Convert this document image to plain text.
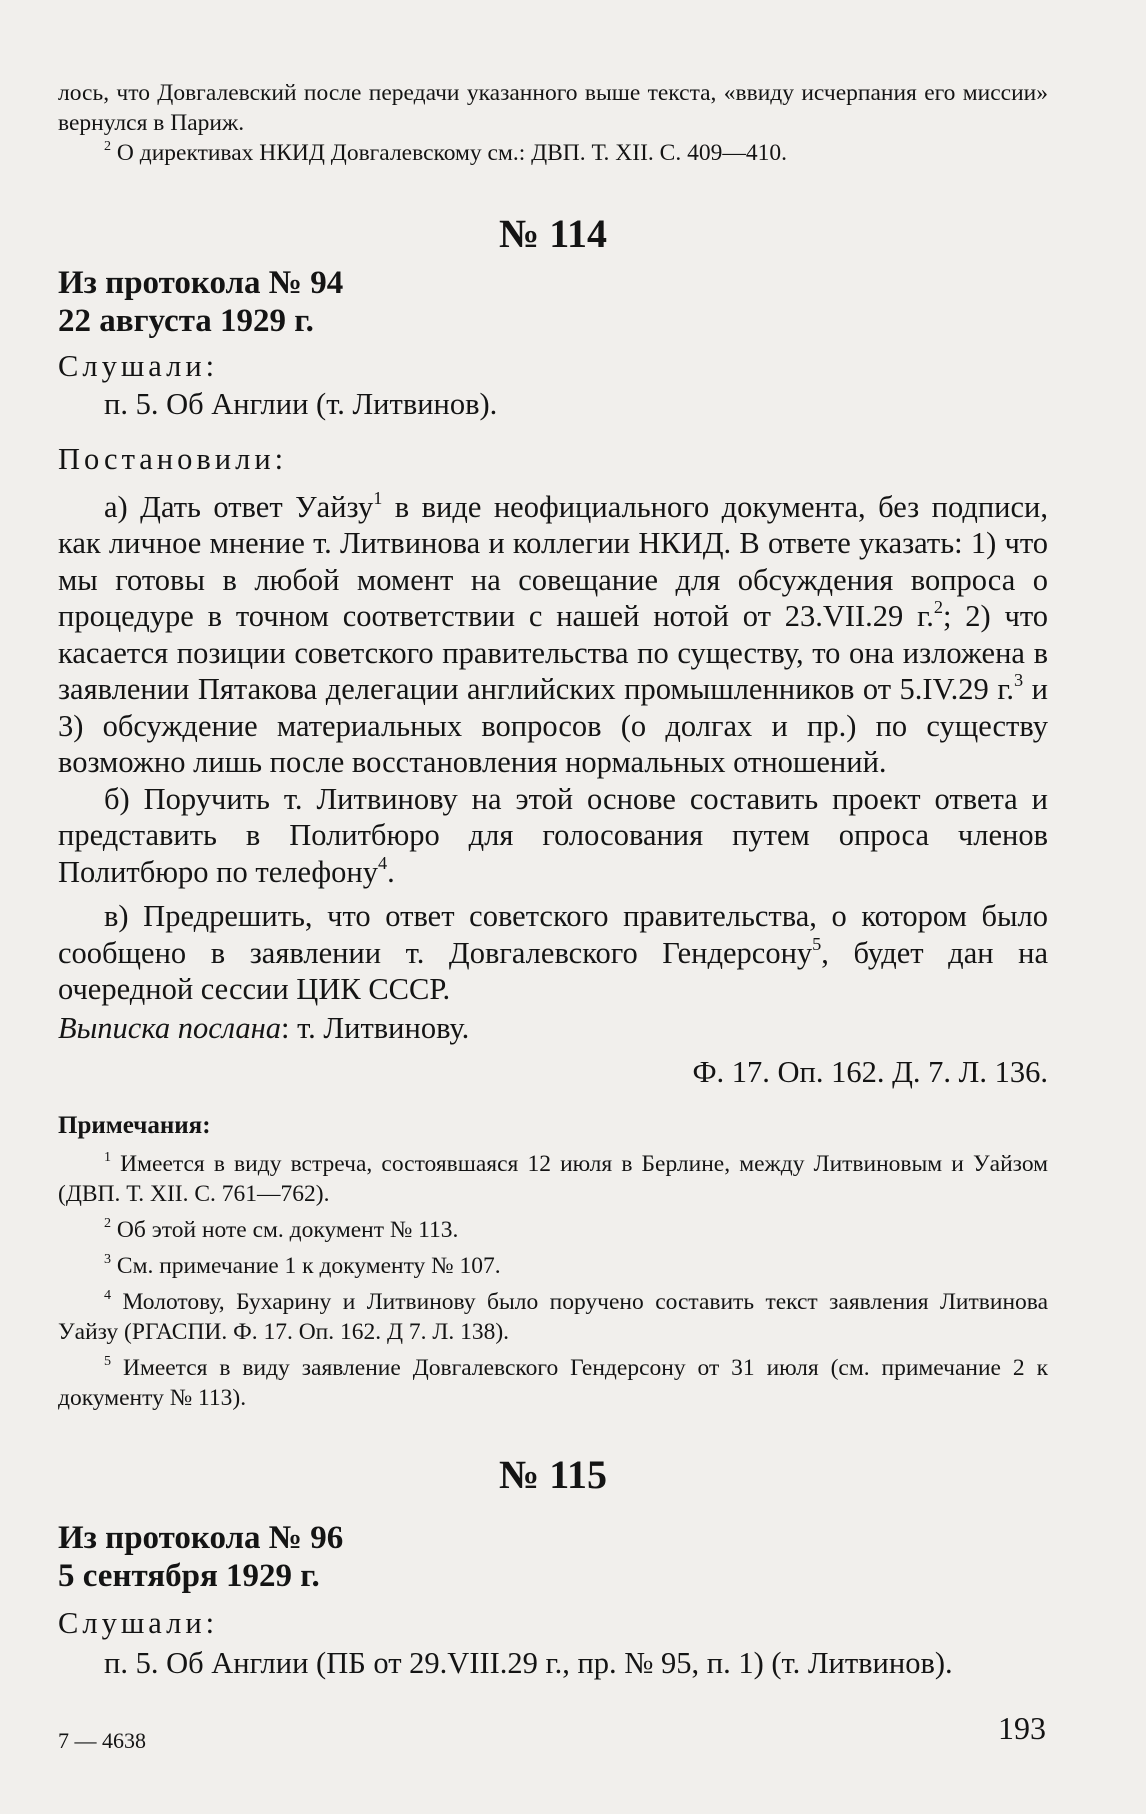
лось, что Довгалевский после передачи указанного выше текста, «ввиду исчерпания его миссии» вернулся в Париж.

$^2$ О директивах НКИД Довгалевскому см.: ДВП. Т. XII. С. 409—410.

№ 114
Из протокола № 94
22 августа 1929 г.
Слушали:

п. 5. Об Англии (т. Литвинов).

Постановили:

а) Дать ответ Уайзу$^1$ в виде неофициального документа, без подписи, как личное мнение т. Литвинова и коллегии НКИД. В ответе указать: 1) что мы готовы в любой момент на совещание для обсуждения вопроса о процедуре в точном соответствии с нашей нотой от 23.VII.29 г.$^2$; 2) что касается позиции советского правительства по существу, то она изложена в заявлении Пятакова делегации английских промышленников от 5.IV.29 г.$^3$ и 3) обсуждение материальных вопросов (о долгах и пр.) по существу возможно лишь после восстановления нормальных отношений.

б) Поручить т. Литвинову на этой основе составить проект ответа и представить в Политбюро для голосования путем опроса членов Политбюро по телефону$^4$.

в) Предрешить, что ответ советского правительства, о котором было сообщено в заявлении т. Довгалевского Гендерсону$^5$, будет дан на очередной сессии ЦИК СССР.

Выписка послана: т. Литвинову.

Ф. 17. Оп. 162. Д. 7. Л. 136.

Примечания:

$^1$ Имеется в виду встреча, состоявшаяся 12 июля в Берлине, между Литвиновым и Уайзом (ДВП. Т. XII. С. 761—762).

$^2$ Об этой ноте см. документ № 113.

$^3$ См. примечание 1 к документу № 107.

$^4$ Молотову, Бухарину и Литвинову было поручено составить текст заявления Литвинова Уайзу (РГАСПИ. Ф. 17. Оп. 162. Д 7. Л. 138).

$^5$ Имеется в виду заявление Довгалевского Гендерсону от 31 июля (см. примечание 2 к документу № 113).

№ 115
Из протокола № 96
5 сентября 1929 г.
Слушали:

п. 5. Об Англии (ПБ от 29.VIII.29 г., пр. № 95, п. 1) (т. Литвинов).

7 — 4638	193
